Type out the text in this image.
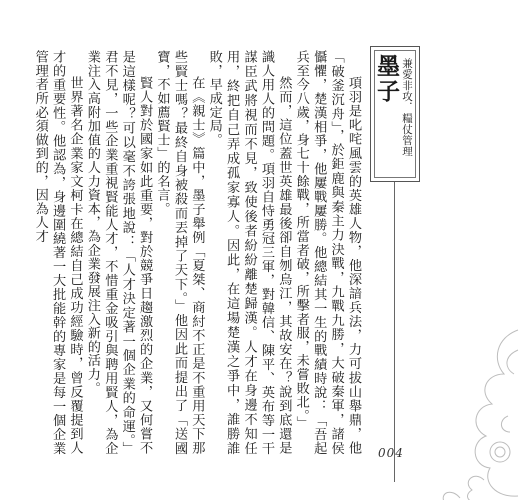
墨子 兼愛非攻．糧仗管理

項羽是叱咤風雲的英雄人物，他深諳兵法，力可拔山舉鼎，他「破釜沉舟」，於鉅鹿與秦主力決戰，九戰九勝，大破秦軍，諸侯懾懼，楚漢相爭，他屢戰屢勝。他總結其一生的戰績時說：「吾起兵至今八歲，身七十餘戰，所當者破，所擊者服，未嘗敗北。」

然而，這位蓋世英雄最後卻自刎烏江，其故安在？說到底還是識人用人的問題。項羽自恃勇冠三軍，對韓信、陳平、英布等一干謀臣武將視而不見，致使後者紛紛離楚歸漢。人才在身邊不知任用，終把自己弄成孤家寡人。因此，在這場楚漢之爭中，誰勝誰敗，早成定局。

在《親士》篇中，墨子舉例「夏桀、商紂不正是不重用天下那些賢士嗎？最終自身被殺而丟掉了天下。」他因此而提出了「送國寶，不如薦賢士」的名言。

賢人對於國家如此重要，對於競爭日趨激烈的企業，又何嘗不是這樣呢？可以毫不誇張地說：「人才決定著一個企業的命運。」君不見，一些企業重視賢能人才，不惜重金吸引與聘用賢人，為企業注入高附加值的人力資本，為企業發展注入新的活力。

世界著名企業家文柯卡在總結自己成功經驗時，曾反覆提到人才的重要性。他認為，身邊圍繞著一大批能幹的專家是每一個企業管理者所必須做到的，因為人才

004
